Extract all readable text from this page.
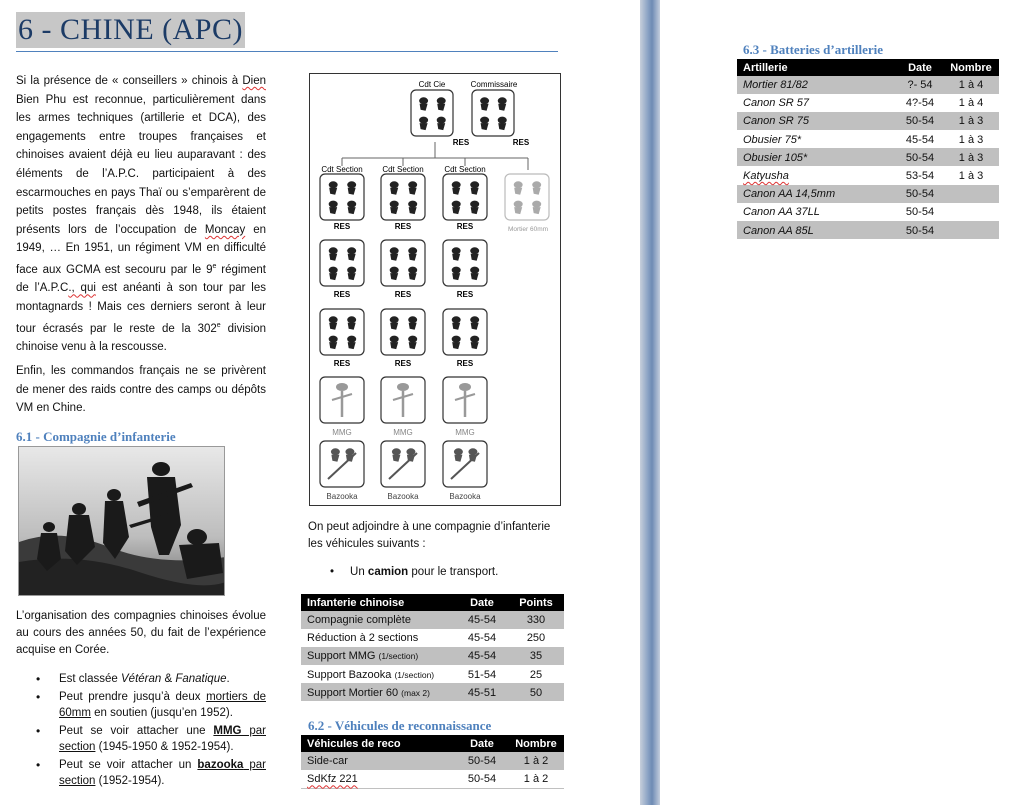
6 - CHINE (APC)
Si la présence de « conseillers » chinois à Dien Bien Phu est reconnue, particulièrement dans les armes techniques (artillerie et DCA), des engagements entre troupes françaises et chinoises avaient déjà eu lieu auparavant : des éléments de l’A.P.C. participaient à des escarmouches en pays Thaï ou s’emparèrent de petits postes français dès 1948, ils étaient présents lors de l’occupation de Moncay en 1949, … En 1951, un régiment VM en difficulté face aux GCMA est secouru par le 9e régiment de l’A.P.C., qui est anéanti à son tour par les montagnards ! Mais ces derniers seront à leur tour écrasés par le reste de la 302e division chinoise venu à la rescousse.
Enfin, les commandos français ne se privèrent de mener des raids contre des camps ou dépôts VM en Chine.
6.1 - Compagnie d’infanterie
L’organisation des compagnies chinoises évolue au cours des années 50, du fait de l’expérience acquise en Corée.
• Est classée Vétéran & Fanatique.
• Peut prendre jusqu’à deux mortiers de 60mm en soutien (jusqu’en 1952).
• Peut se voir attacher une MMG par section (1945-1950 & 1952-1954).
• Peut se voir attacher un bazooka par section (1952-1954).
Cdt Cie	Commissaire
RES	RES
Cdt Section Cdt Section	Cdt Section
Mortier 60mm
RES	RES	RES
RES	RES	RES
RES	RES	RES
MMG	MMG	MMG
Bazooka	Bazooka	Bazooka
On peut adjoindre à une compagnie d’infanterie les véhicules suivants :
•     Un camion pour le transport.
Infanterie chinoise	Date	Points
Compagnie complète	45-54	330
Réduction à 2 sections	45-54	250
Support MMG (1/section)	45-54	35
Support Bazooka (1/section)	51-54	25
Support Mortier 60 (max 2)	45-51	50
6.2 - Véhicules de reconnaissance
Véhicules de reco	Date	Nombre
Side-car	50-54	1 à 2
SdKfz 221	50-54	1 à 2
6.3 - Batteries d’artillerie
Artillerie	Date	Nombre
Mortier 81/82	?- 54	1 à 4
Canon SR 57	4?-54	1 à 4
Canon SR 75	50-54	1 à 3
Obusier 75*	45-54	1 à 3
Obusier 105*	50-54	1 à 3
Katyusha	53-54	1 à 3
Canon AA 14,5mm	50-54	
Canon AA 37LL	50-54	
Canon AA 85L	50-54	
